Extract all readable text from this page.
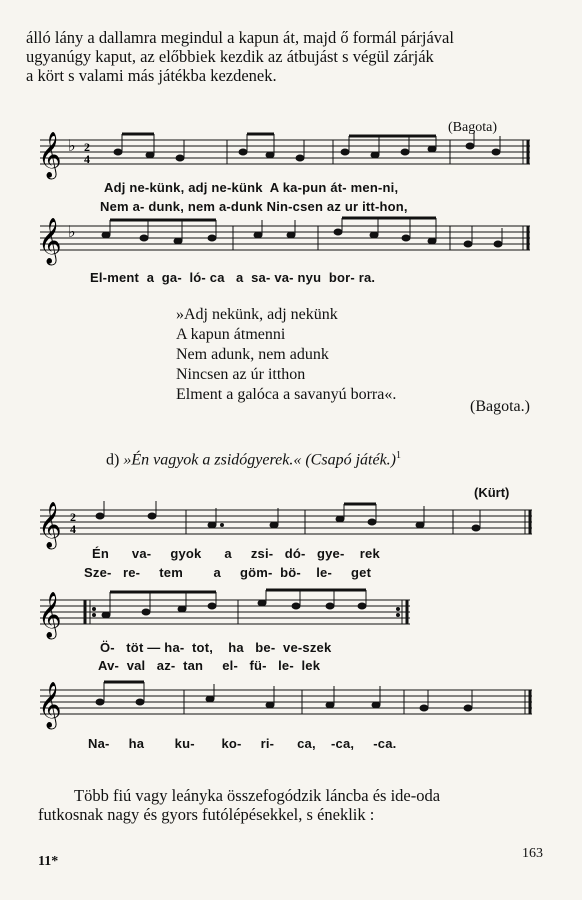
álló lány a dallamra megindul a kapun át, majd ő formál párjával
ugyanúgy kaput, az előbbiek kezdik az átbujást s végül zárják
a kört s valami más játékba kezdenek.
(Bagota)
𝄞 ♭ 2
4
Adj ne-künk, adj ne-künk  A ka-pun át- men-ni,
Nem a- dunk, nem a-dunk Nin-csen az ur itt-hon,
𝄞 ♭
El-ment  a  ga-  ló- ca   a  sa- va- nyu  bor- ra.
»Adj nekünk, adj nekünk
A kapun átmenni
Nem adunk, nem adunk
Nincsen az úr itthon
Elment a galóca a savanyú borra«.
(Bagota.)
d) »Én vagyok a zsidógyerek.« (Csapó játék.)$^1$
(Kürt)
𝄞 2
4
Én      va-     gyok      a     zsi-   dó-   gye-    rek
Sze-   re-     tem        a     göm-  bö-    le-     get
𝄞
Ö-   töt — ha-  tot,    ha   be-  ve-szek
Av-  val   az-  tan     el-   fü-   le-  lek
𝄞
Na-     ha        ku-       ko-     ri-      ca,    -ca,     -ca.
Több fiú vagy leányka összefogódzik láncba és ide-oda
futkosnak nagy és gyors futólépésekkel, s éneklik :
11*
163
